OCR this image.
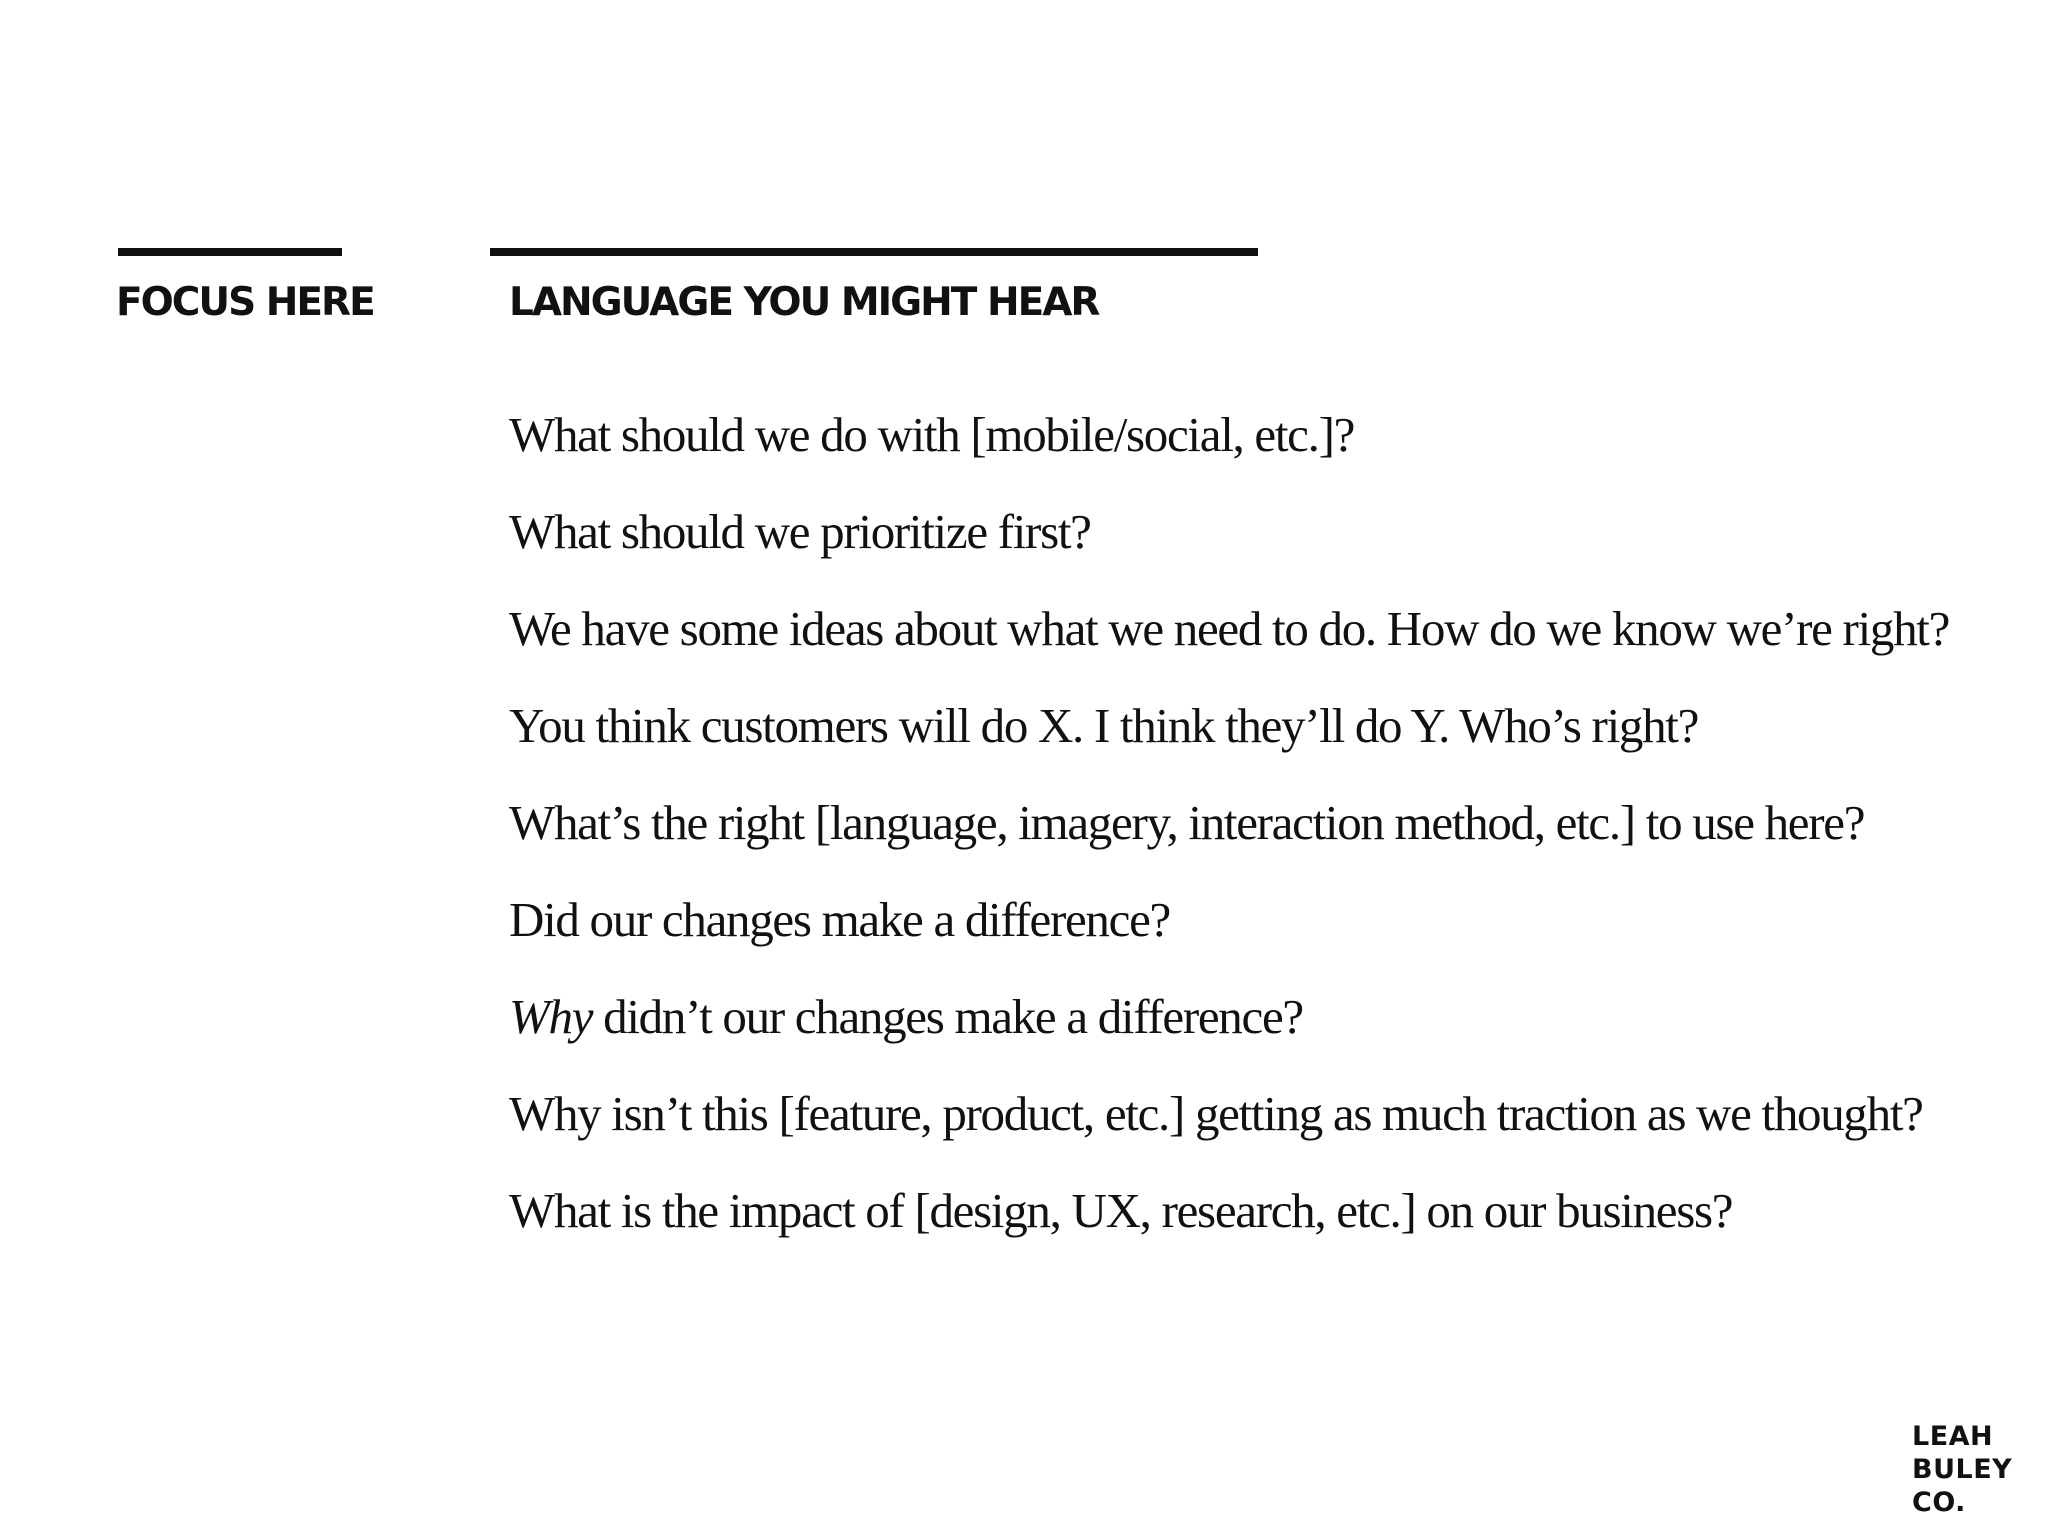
FOCUS HERE	LANGUAGE YOU MIGHT HEAR
What should we do with [mobile/social, etc.]?
What should we prioritize first?
We have some ideas about what we need to do. How do we know we’re right?
You think customers will do X. I think they’ll do Y. Who’s right?
What’s the right [language, imagery, interaction method, etc.] to use here?
Did our changes make a difference?
Why didn’t our changes make a difference?
Why isn’t this [feature, product, etc.] getting as much traction as we thought?
What is the impact of [design, UX, research, etc.] on our business?
LEAH
BULEY
CO.
